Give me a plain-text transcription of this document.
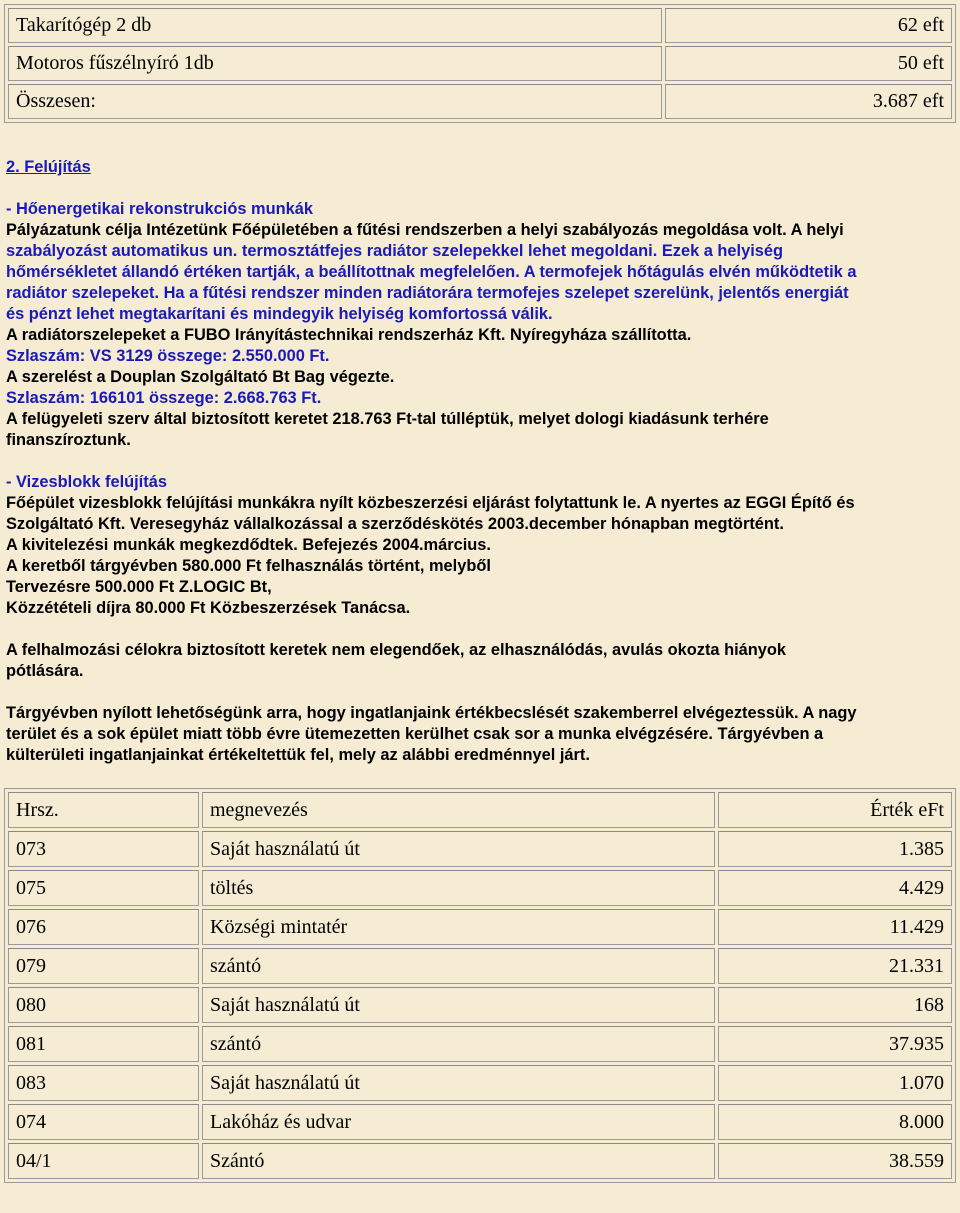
Takarítógép 2 db	62 eft
Motoros fűszélnyíró 1db	50 eft
Összesen:	3.687 eft

2. Felújítás

- Hőenergetikai rekonstrukciós munkák

Pályázatunk célja Intézetünk Főépületében a fűtési rendszerben a helyi szabályozás megoldása volt. A helyi

szabályozást automatikus un. termosztátfejes radiátor szelepekkel lehet megoldani. Ezek a helyiség

hőmérsékletet állandó értéken tartják, a beállítottnak megfelelően. A termofejek hőtágulás elvén működtetik a

radiátor szelepeket. Ha a fűtési rendszer minden radiátorára termofejes szelepet szerelünk, jelentős energiát

és pénzt lehet megtakarítani és mindegyik helyiség komfortossá válik.

A radiátorszelepeket a FUBO Irányítástechnikai rendszerház Kft. Nyíregyháza szállította.

Szlaszám: VS 3129 összege: 2.550.000 Ft.

A szerelést a Douplan Szolgáltató Bt Bag végezte.

Szlaszám: 166101 összege: 2.668.763 Ft.

A felügyeleti szerv által biztosított keretet 218.763 Ft-tal túlléptük, melyet dologi kiadásunk terhére

finanszíroztunk.

- Vizesblokk felújítás

Főépület vizesblokk felújítási munkákra nyílt közbeszerzési eljárást folytattunk le. A nyertes az EGGI Építő és

Szolgáltató Kft. Veresegyház vállalkozással a szerződéskötés 2003.december hónapban megtörtént.

A kivitelezési munkák megkezdődtek. Befejezés 2004.március.

A keretből tárgyévben 580.000 Ft felhasználás történt, melyből

Tervezésre 500.000 Ft Z.LOGIC Bt,

Közzétételi díjra 80.000 Ft Közbeszerzések Tanácsa.

A felhalmozási célokra biztosított keretek nem elegendőek, az elhasználódás, avulás okozta hiányok

pótlására.

Tárgyévben nyílott lehetőségünk arra, hogy ingatlanjaink értékbecslését szakemberrel elvégeztessük. A nagy

terület és a sok épület miatt több évre ütemezetten kerülhet csak sor a munka elvégzésére. Tárgyévben a

külterületi ingatlanjainkat értékeltettük fel, mely az alábbi eredménnyel járt.

Hrsz.	megnevezés	Érték eFt
073	Saját használatú út	1.385
075	töltés	4.429
076	Községi mintatér	11.429
079	szántó	21.331
080	Saját használatú út	168
081	szántó	37.935
083	Saját használatú út	1.070
074	Lakóház és udvar	8.000
04/1	Szántó	38.559
